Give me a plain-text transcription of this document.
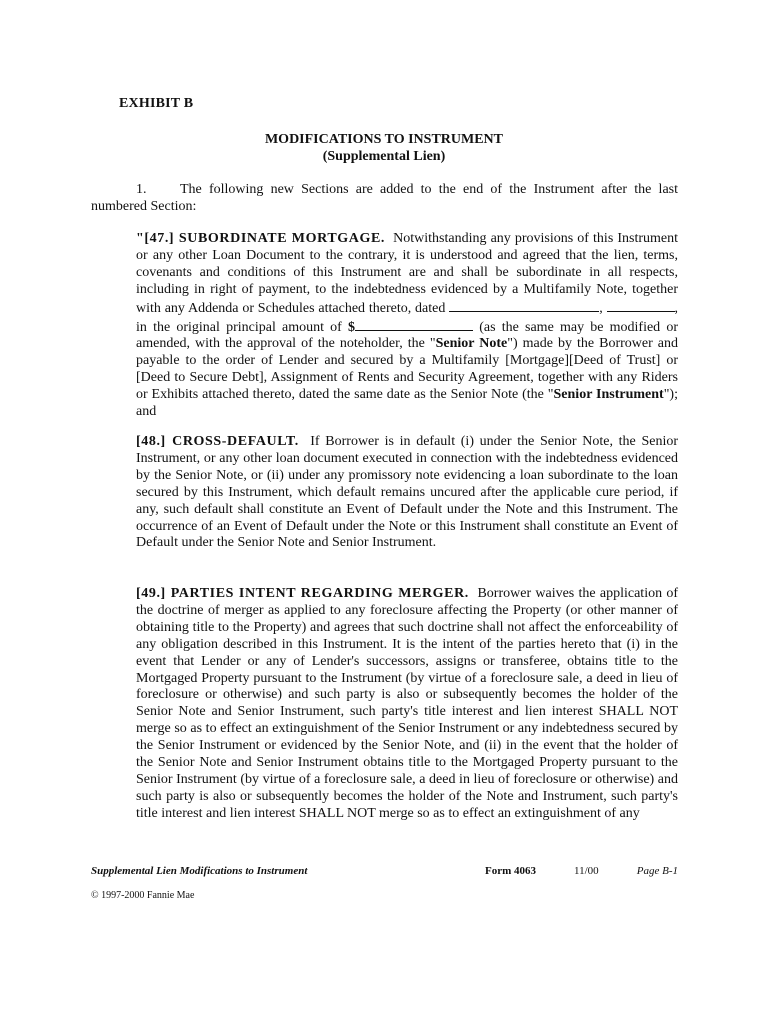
EXHIBIT B
MODIFICATIONS TO INSTRUMENT
(Supplemental Lien)
1. The following new Sections are added to the end of the Instrument after the last numbered Section:
"[47.] SUBORDINATE MORTGAGE. Notwithstanding any provisions of this Instrument or any other Loan Document to the contrary, it is understood and agreed that the lien, terms, covenants and conditions of this Instrument are and shall be subordinate in all respects, including in right of payment, to the indebtedness evidenced by a Multifamily Note, together with any Addenda or Schedules attached thereto, dated	,	, in the original principal amount of $	(as the same may be modified or amended, with the approval of the noteholder, the "Senior Note") made by the Borrower and payable to the order of Lender and secured by a Multifamily [Mortgage][Deed of Trust] or [Deed to Secure Debt], Assignment of Rents and Security Agreement, together with any Riders or Exhibits attached thereto, dated the same date as the Senior Note (the "Senior Instrument"); and
[48.] CROSS-DEFAULT. If Borrower is in default (i) under the Senior Note, the Senior Instrument, or any other loan document executed in connection with the indebtedness evidenced by the Senior Note, or (ii) under any promissory note evidencing a loan subordinate to the loan secured by this Instrument, which default remains uncured after the applicable cure period, if any, such default shall constitute an Event of Default under the Note and this Instrument. The occurrence of an Event of Default under the Note or this Instrument shall constitute an Event of Default under the Senior Note and Senior Instrument.
[49.] PARTIES INTENT REGARDING MERGER. Borrower waives the application of the doctrine of merger as applied to any foreclosure affecting the Property (or other manner of obtaining title to the Property) and agrees that such doctrine shall not affect the enforceability of any obligation described in this Instrument. It is the intent of the parties hereto that (i) in the event that Lender or any of Lender's successors, assigns or transferee, obtains title to the Mortgaged Property pursuant to the Instrument (by virtue of a foreclosure sale, a deed in lieu of foreclosure or otherwise) and such party is also or subsequently becomes the holder of the Senior Note and Senior Instrument, such party's title interest and lien interest SHALL NOT merge so as to effect an extinguishment of the Senior Instrument or any indebtedness secured by the Senior Instrument or evidenced by the Senior Note, and (ii) in the event that the holder of the Senior Note and Senior Instrument obtains title to the Mortgaged Property pursuant to the Senior Instrument (by virtue of a foreclosure sale, a deed in lieu of foreclosure or otherwise) and such party is also or subsequently becomes the holder of the Note and Instrument, such party's title interest and lien interest SHALL NOT merge so as to effect an extinguishment of any
Supplemental Lien Modifications to Instrument	Form 4063	11/00	Page B-1
© 1997-2000 Fannie Mae
